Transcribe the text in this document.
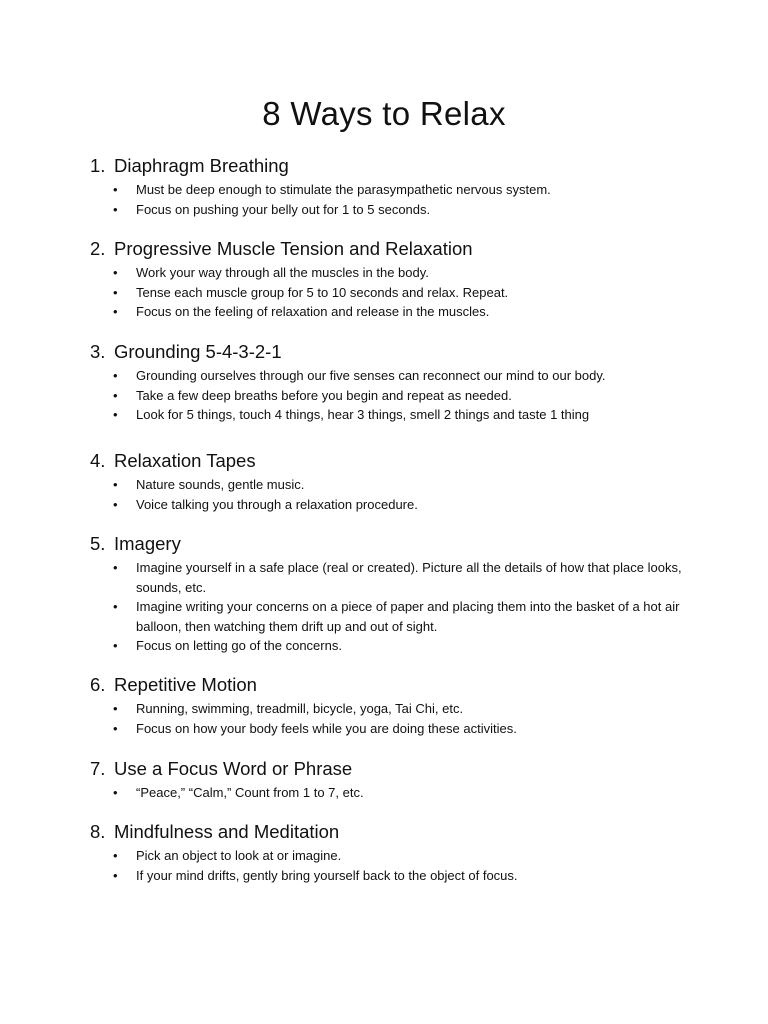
8 Ways to Relax
1. Diaphragm Breathing
• Must be deep enough to stimulate the parasympathetic nervous system.
• Focus on pushing your belly out for 1 to 5 seconds.
2. Progressive Muscle Tension and Relaxation
• Work your way through all the muscles in the body.
• Tense each muscle group for 5 to 10 seconds and relax. Repeat.
• Focus on the feeling of relaxation and release in the muscles.
3. Grounding 5-4-3-2-1
• Grounding ourselves through our five senses can reconnect our mind to our body.
• Take a few deep breaths before you begin and repeat as needed.
• Look for 5 things, touch 4 things, hear 3 things, smell 2 things and taste 1 thing
4. Relaxation Tapes
• Nature sounds, gentle music.
• Voice talking you through a relaxation procedure.
5. Imagery
• Imagine yourself in a safe place (real or created). Picture all the details of how that place looks, sounds, etc.
• Imagine writing your concerns on a piece of paper and placing them into the basket of a hot air balloon, then watching them drift up and out of sight.
• Focus on letting go of the concerns.
6. Repetitive Motion
• Running, swimming, treadmill, bicycle, yoga, Tai Chi, etc.
• Focus on how your body feels while you are doing these activities.
7. Use a Focus Word or Phrase
• “Peace,” “Calm,” Count from 1 to 7, etc.
8. Mindfulness and Meditation
• Pick an object to look at or imagine.
• If your mind drifts, gently bring yourself back to the object of focus.
